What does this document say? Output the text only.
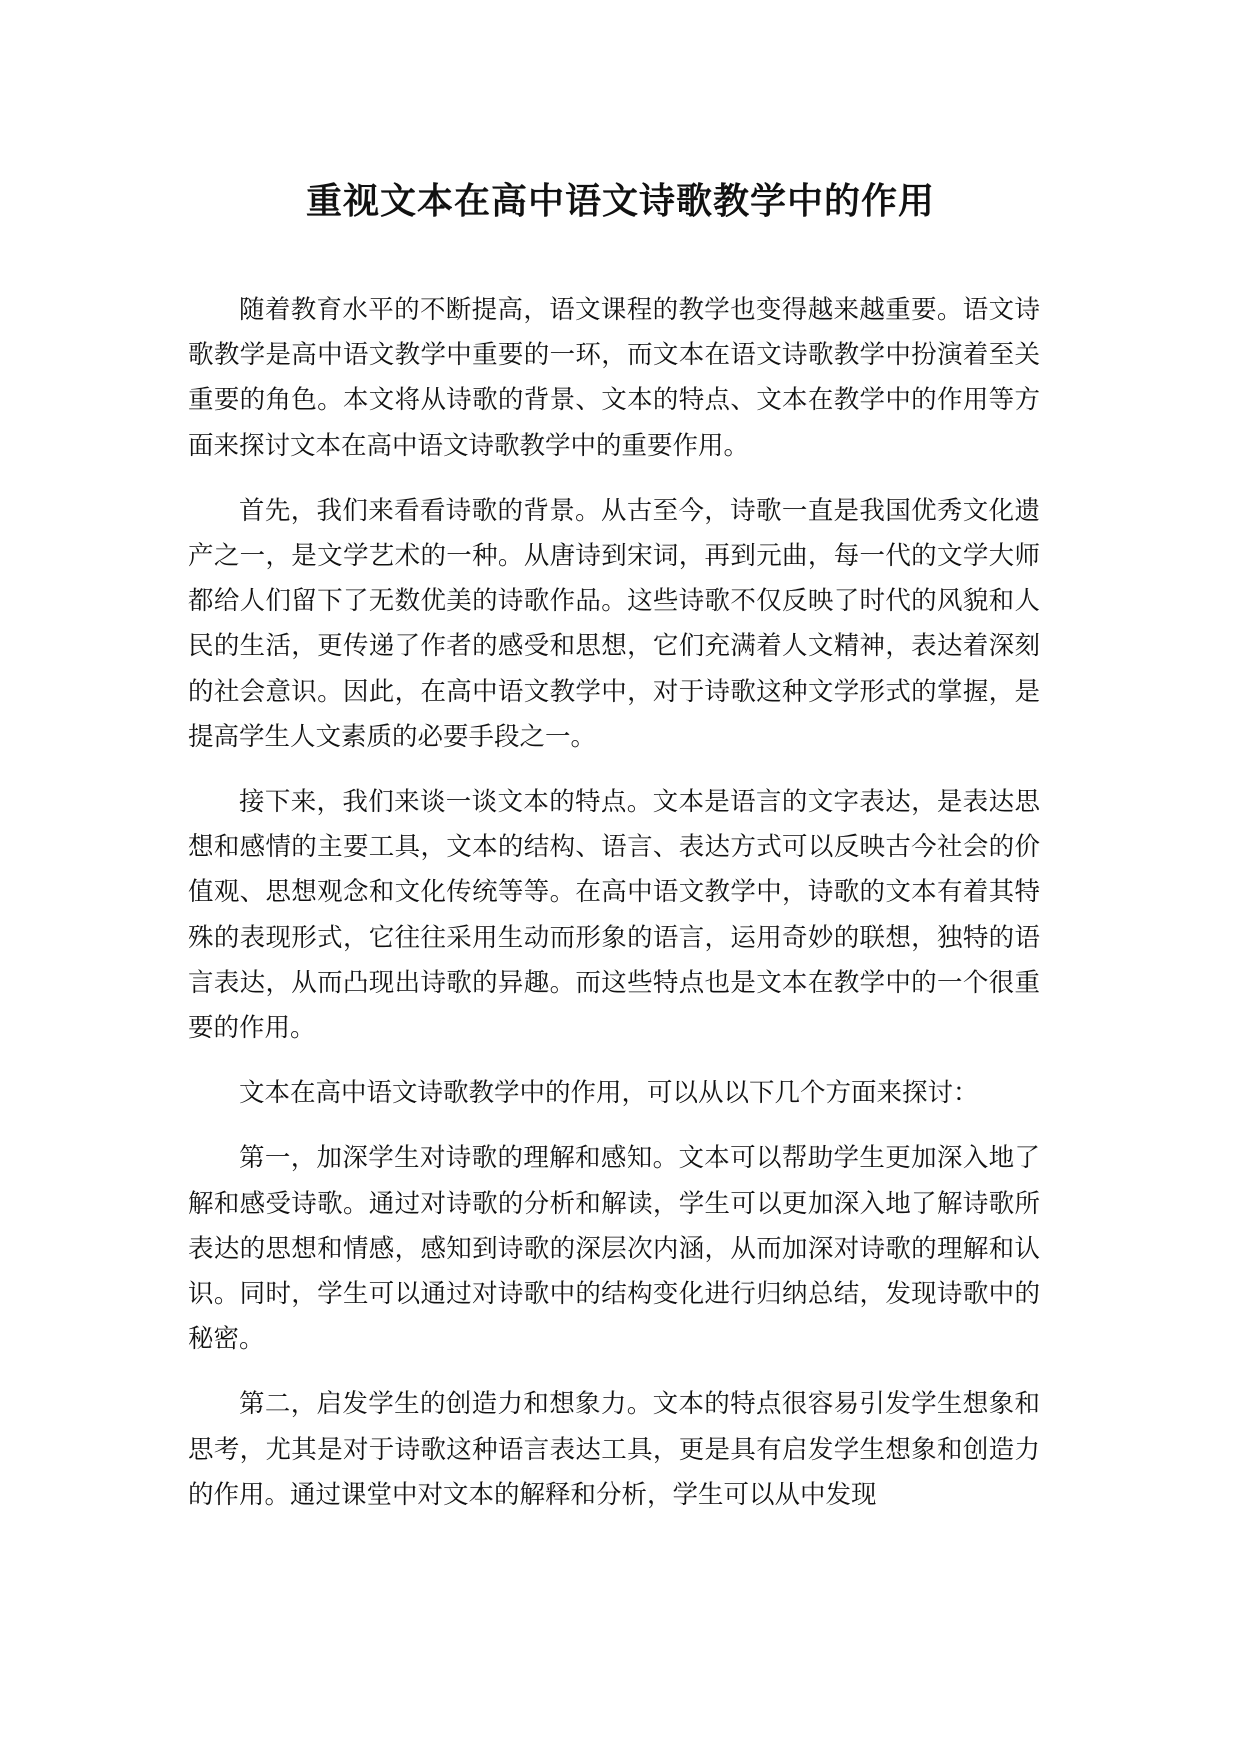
重视文本在高中语文诗歌教学中的作用

随着教育水平的不断提高，语文课程的教学也变得越来越重要。语文诗歌教学是高中语文教学中重要的一环，而文本在语文诗歌教学中扮演着至关重要的角色。本文将从诗歌的背景、文本的特点、文本在教学中的作用等方面来探讨文本在高中语文诗歌教学中的重要作用。

首先，我们来看看诗歌的背景。从古至今，诗歌一直是我国优秀文化遗产之一，是文学艺术的一种。从唐诗到宋词，再到元曲，每一代的文学大师都给人们留下了无数优美的诗歌作品。这些诗歌不仅反映了时代的风貌和人民的生活，更传递了作者的感受和思想，它们充满着人文精神，表达着深刻的社会意识。因此，在高中语文教学中，对于诗歌这种文学形式的掌握，是提高学生人文素质的必要手段之一。

接下来，我们来谈一谈文本的特点。文本是语言的文字表达，是表达思想和感情的主要工具，文本的结构、语言、表达方式可以反映古今社会的价值观、思想观念和文化传统等等。在高中语文教学中，诗歌的文本有着其特殊的表现形式，它往往采用生动而形象的语言，运用奇妙的联想，独特的语言表达，从而凸现出诗歌的异趣。而这些特点也是文本在教学中的一个很重要的作用。

文本在高中语文诗歌教学中的作用，可以从以下几个方面来探讨：

第一，加深学生对诗歌的理解和感知。文本可以帮助学生更加深入地了解和感受诗歌。通过对诗歌的分析和解读，学生可以更加深入地了解诗歌所表达的思想和情感，感知到诗歌的深层次内涵，从而加深对诗歌的理解和认识。同时，学生可以通过对诗歌中的结构变化进行归纳总结，发现诗歌中的秘密。

第二，启发学生的创造力和想象力。文本的特点很容易引发学生想象和思考，尤其是对于诗歌这种语言表达工具，更是具有启发学生想象和创造力的作用。通过课堂中对文本的解释和分析，学生可以从中发现
